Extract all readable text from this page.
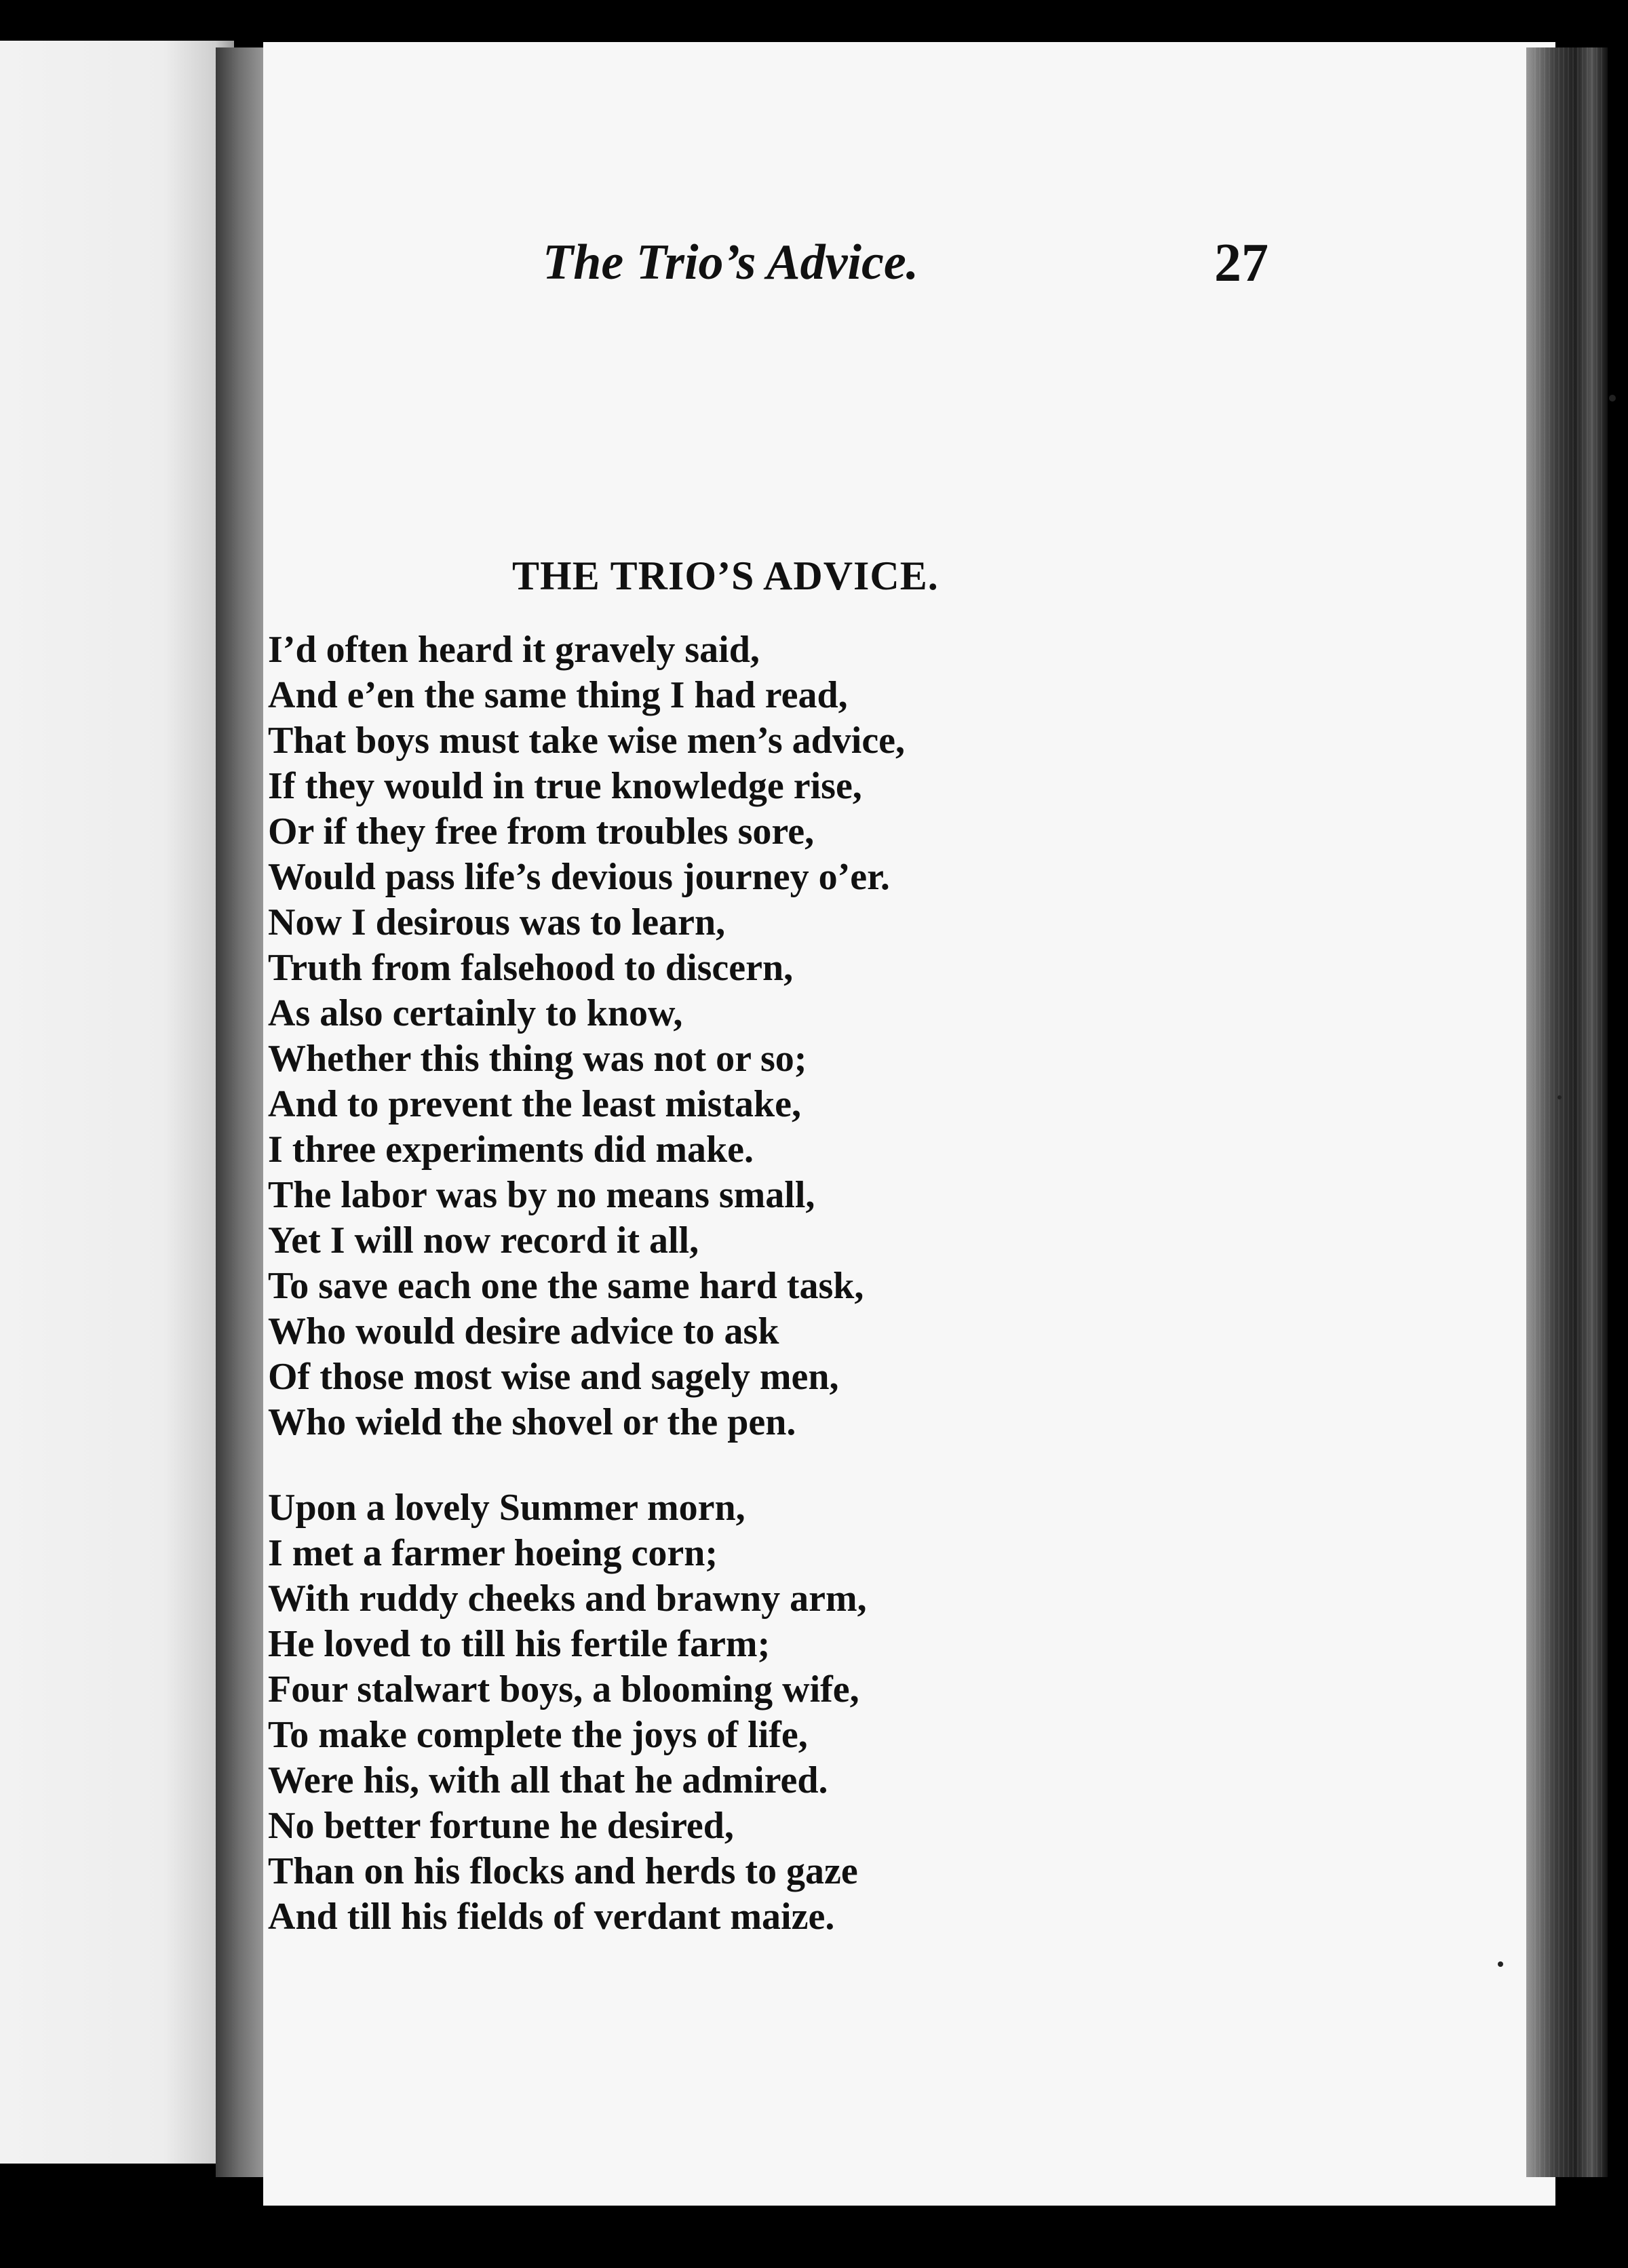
The Trio’s Advice.	27
THE TRIO’S ADVICE.
I’d often heard it gravely said,
And e’en the same thing I had read,
That boys must take wise men’s advice,
If they would in true knowledge rise,
Or if they free from troubles sore,
Would pass life’s devious journey o’er.
Now I desirous was to learn,
Truth from falsehood to discern,
As also certainly to know,
Whether this thing was not or so;
And to prevent the least mistake,
I three experiments did make.
The labor was by no means small,
Yet I will now record it all,
To save each one the same hard task,
Who would desire advice to ask
Of those most wise and sagely men,
Who wield the shovel or the pen.
Upon a lovely Summer morn,
I met a farmer hoeing corn;
With ruddy cheeks and brawny arm,
He loved to till his fertile farm;
Four stalwart boys, a blooming wife,
To make complete the joys of life,
Were his, with all that he admired.
No better fortune he desired,
Than on his flocks and herds to gaze
And till his fields of verdant maize.
